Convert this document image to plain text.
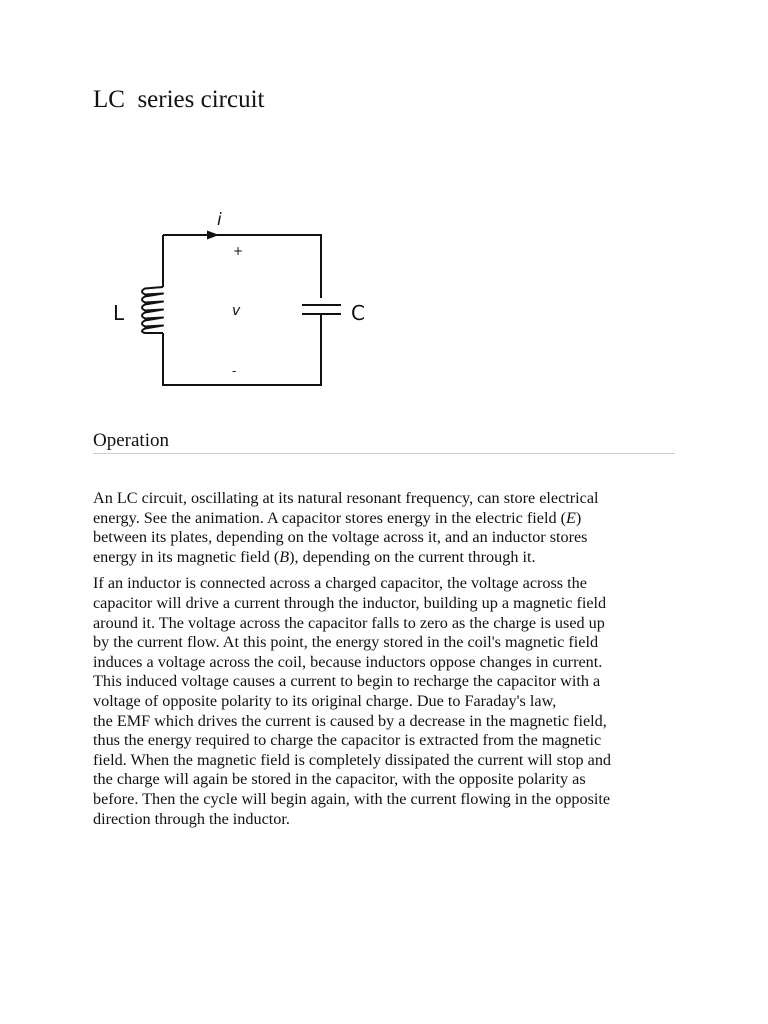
LC  series circuit
i
+
v
-
L	C
Operation

An LC circuit, oscillating at its natural resonant frequency, can store electrical
energy. See the animation. A capacitor stores energy in the electric field (E)
between its plates, depending on the voltage across it, and an inductor stores
energy in its magnetic field (B), depending on the current through it.

If an inductor is connected across a charged capacitor, the voltage across the
capacitor will drive a current through the inductor, building up a magnetic field
around it. The voltage across the capacitor falls to zero as the charge is used up
by the current flow. At this point, the energy stored in the coil's magnetic field
induces a voltage across the coil, because inductors oppose changes in current.
This induced voltage causes a current to begin to recharge the capacitor with a
voltage of opposite polarity to its original charge. Due to Faraday's law,
the EMF which drives the current is caused by a decrease in the magnetic field,
thus the energy required to charge the capacitor is extracted from the magnetic
field. When the magnetic field is completely dissipated the current will stop and
the charge will again be stored in the capacitor, with the opposite polarity as
before. Then the cycle will begin again, with the current flowing in the opposite
direction through the inductor.
